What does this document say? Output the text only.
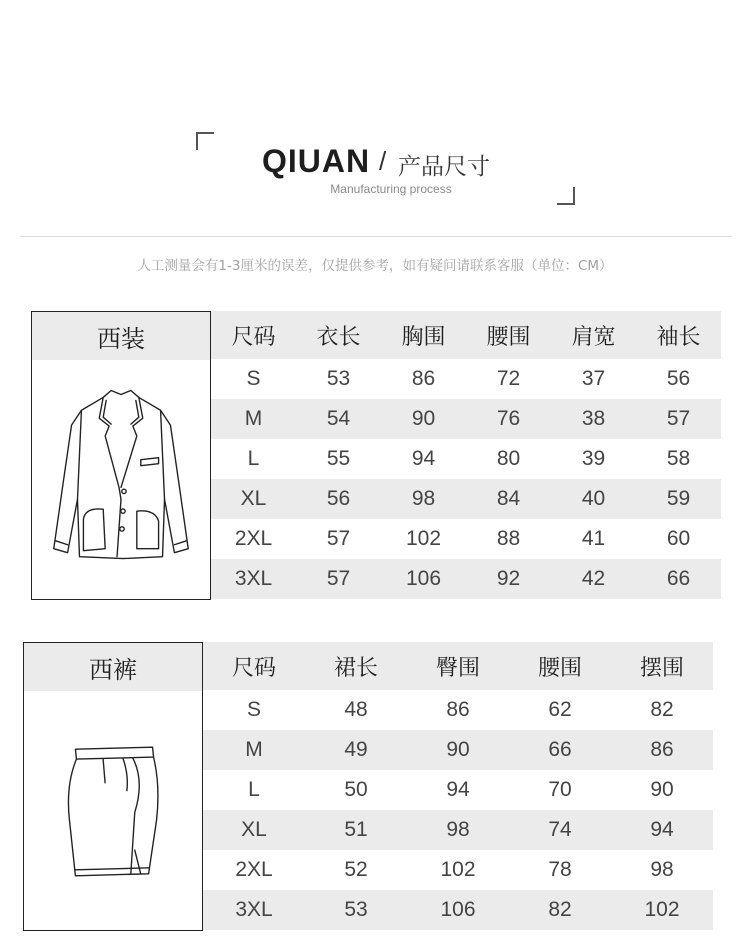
QIUAN / 产品尺寸
Manufacturing process
人工测量会有1-3厘米的误差，仅提供参考，如有疑问请联系客服（单位：CM）
西装	尺码	衣长	胸围	腰围	肩宽	袖长
S	53	86	72	37	56
M	54	90	76	38	57
L	55	94	80	39	58
XL	56	98	84	40	59
2XL	57	102	88	41	60
3XL	57	106	92	42	66
西裤	尺码	裙长	臀围	腰围	摆围
S	48	86	62	82
M	49	90	66	86
L	50	94	70	90
XL	51	98	74	94
2XL	52	102	78	98
3XL	53	106	82	102
